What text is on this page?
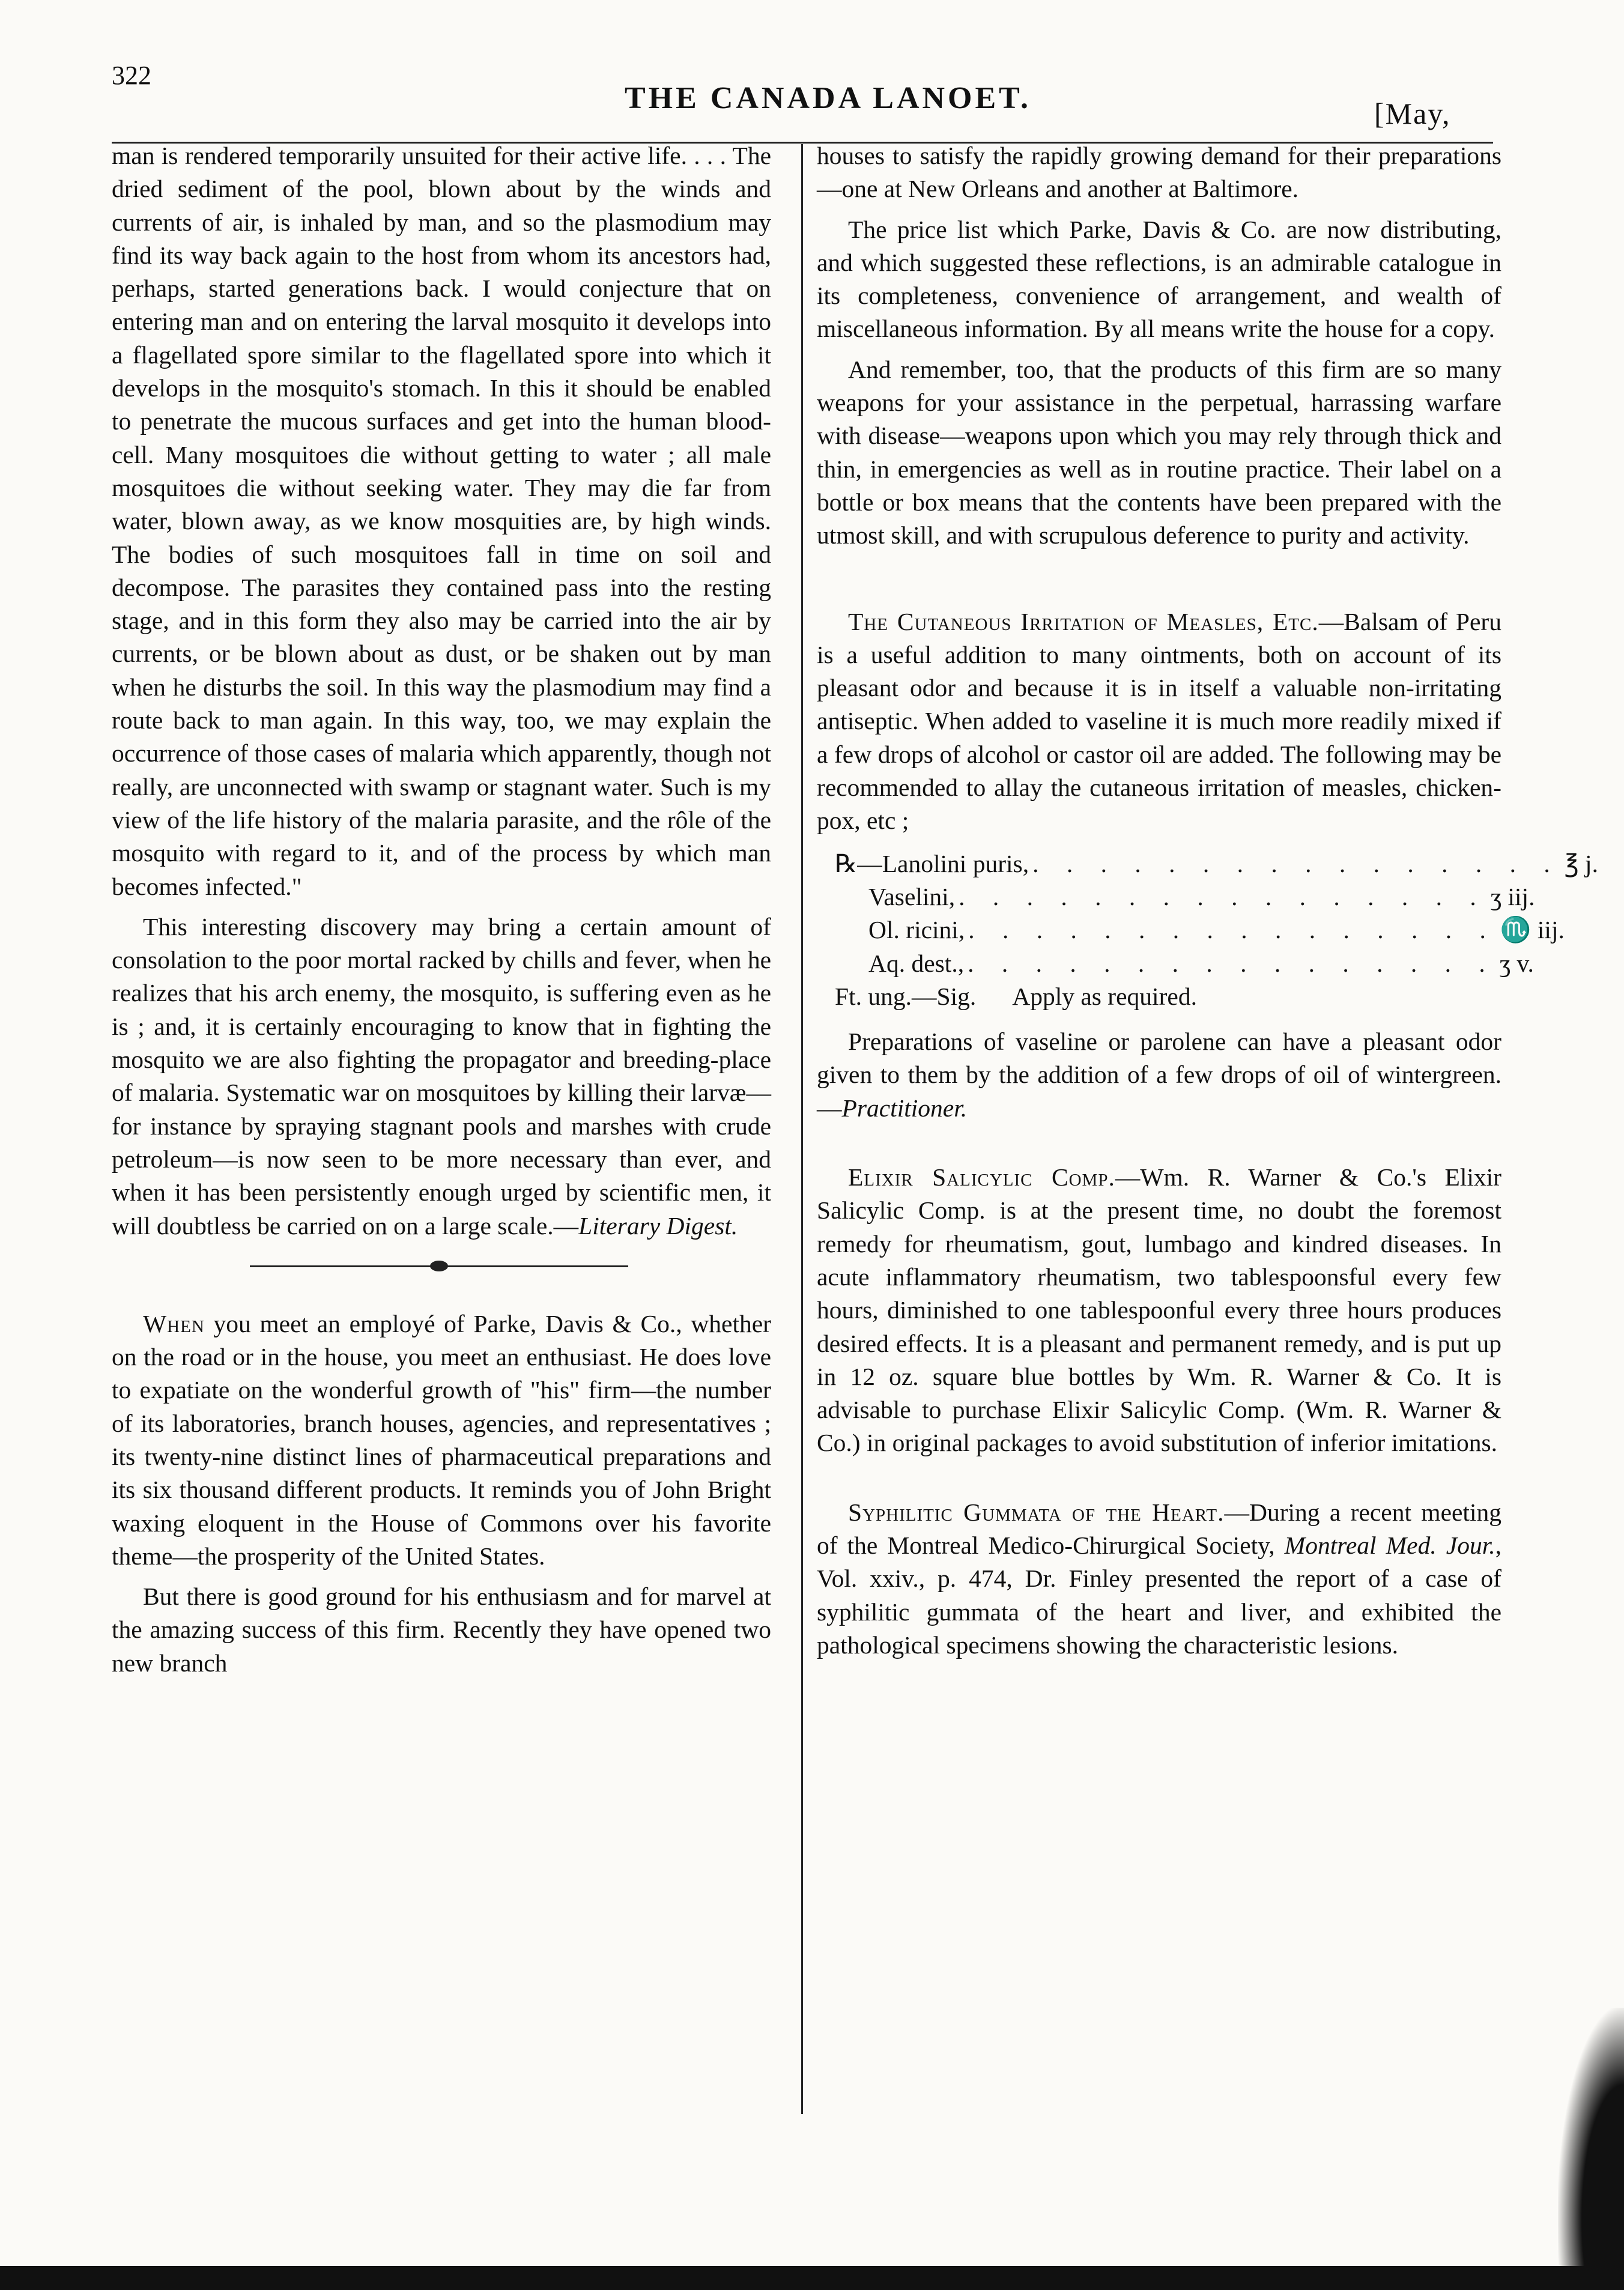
322
THE CANADA LANOET.	[May,

man is rendered temporarily unsuited for their active life. . . . The dried sediment of the pool, blown about by the winds and currents of air, is inhaled by man, and so the plasmodium may find its way back again to the host from whom its ancestors had, perhaps, started generations back. I would conjecture that on entering man and on entering the larval mosquito it develops into a flagellated spore similar to the flagellated spore into which it develops in the mosquito's stomach. In this it should be enabled to penetrate the mucous surfaces and get into the human blood-cell. Many mosquitoes die without getting to water ; all male mosquitoes die without seeking water. They may die far from water, blown away, as we know mosquities are, by high winds. The bodies of such mosquitoes fall in time on soil and decompose. The parasites they contained pass into the resting stage, and in this form they also may be carried into the air by currents, or be blown about as dust, or be shaken out by man when he disturbs the soil. In this way the plasmodium may find a route back to man again. In this way, too, we may explain the occurrence of those cases of malaria which apparently, though not really, are unconnected with swamp or stagnant water. Such is my view of the life history of the malaria parasite, and the rôle of the mosquito with regard to it, and of the process by which man becomes infected."

This interesting discovery may bring a certain amount of consolation to the poor mortal racked by chills and fever, when he realizes that his arch enemy, the mosquito, is suffering even as he is ; and, it is certainly encouraging to know that in fighting the mosquito we are also fighting the propagator and breeding-place of malaria. Systematic war on mosquitoes by killing their larvæ—for instance by spraying stagnant pools and marshes with crude petroleum—is now seen to be more necessary than ever, and when it has been persistently enough urged by scientific men, it will doubtless be carried on on a large scale.—Literary Digest.

When you meet an employé of Parke, Davis & Co., whether on the road or in the house, you meet an enthusiast. He does love to expatiate on the wonderful growth of "his" firm—the number of its laboratories, branch houses, agencies, and representatives ; its twenty-nine distinct lines of pharmaceutical preparations and its six thousand different products. It reminds you of John Bright waxing eloquent in the House of Commons over his favorite theme—the prosperity of the United States.

But there is good ground for his enthusiasm and for marvel at the amazing success of this firm. Recently they have opened two new branch

houses to satisfy the rapidly growing demand for their preparations—one at New Orleans and another at Baltimore.

The price list which Parke, Davis & Co. are now distributing, and which suggested these reflections, is an admirable catalogue in its completeness, convenience of arrangement, and wealth of miscellaneous information. By all means write the house for a copy.

And remember, too, that the products of this firm are so many weapons for your assistance in the perpetual, harrassing warfare with disease—weapons upon which you may rely through thick and thin, in emergencies as well as in routine practice. Their label on a bottle or box means that the contents have been prepared with the utmost skill, and with scrupulous deference to purity and activity.

The Cutaneous Irritation of Measles, Etc.—Balsam of Peru is a useful addition to many ointments, both on account of its pleasant odor and because it is in itself a valuable non-irritating antiseptic. When added to vaseline it is much more readily mixed if a few drops of alcohol or castor oil are added. The following may be recommended to allay the cutaneous irritation of measles, chicken-pox, etc ;

℞—Lanolini puris, . . . . . . . . . . . . . . . . ℥ j.
Vaselini, . . . . . . . . . . . . . . . . ʒ iij.
Ol. ricini, . . . . . . . . . . . . . . . . ♏ iij.
Aq. dest., . . . . . . . . . . . . . . . . ʒ v.
Ft. ung.—Sig. Apply as required.

Preparations of vaseline or parolene can have a pleasant odor given to them by the addition of a few drops of oil of wintergreen.—Practitioner.

Elixir Salicylic Comp.—Wm. R. Warner & Co.'s Elixir Salicylic Comp. is at the present time, no doubt the foremost remedy for rheumatism, gout, lumbago and kindred diseases. In acute inflammatory rheumatism, two tablespoonsful every few hours, diminished to one tablespoonful every three hours produces desired effects. It is a pleasant and permanent remedy, and is put up in 12 oz. square blue bottles by Wm. R. Warner & Co. It is advisable to purchase Elixir Salicylic Comp. (Wm. R. Warner & Co.) in original packages to avoid substitution of inferior imitations.

Syphilitic Gummata of the Heart.—During a recent meeting of the Montreal Medico-Chirurgical Society, Montreal Med. Jour., Vol. xxiv., p. 474, Dr. Finley presented the report of a case of syphilitic gummata of the heart and liver, and exhibited the pathological specimens showing the characteristic lesions.
